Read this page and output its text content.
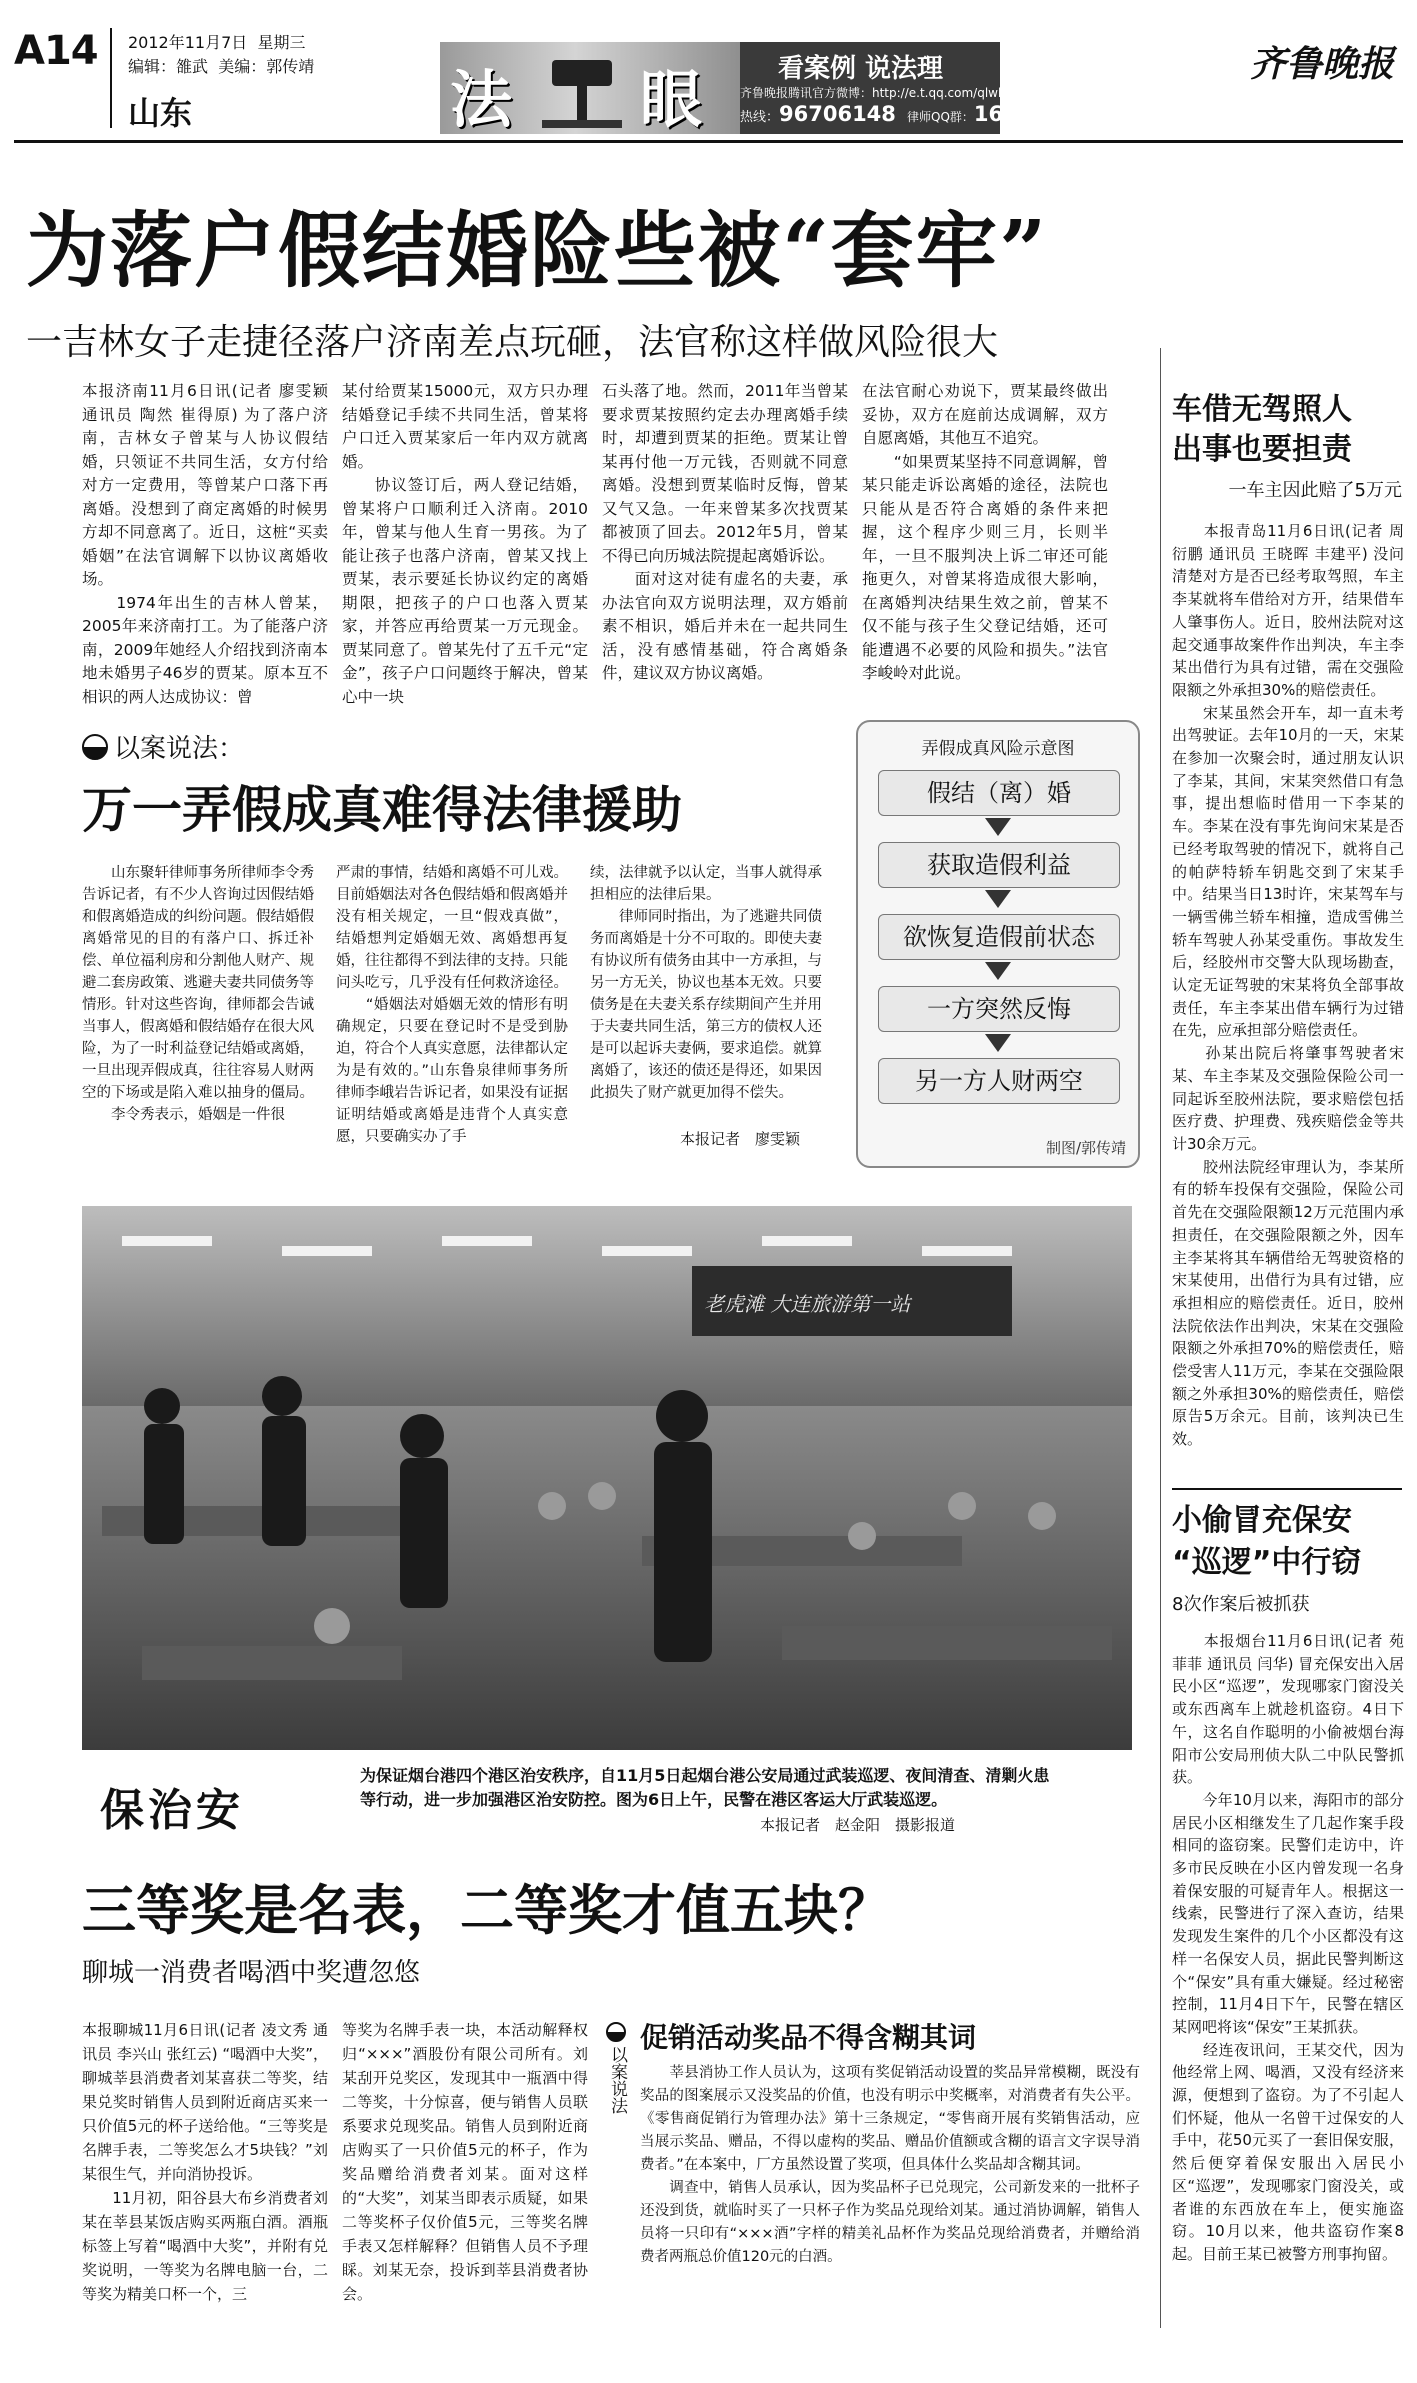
A14 2012年11月7日 星期三
编辑：雒武 美编：郭传靖
山东	法 眼	看案例 说法理
齐鲁晚报腾讯官方微博：http://e.t.qq.com/qlwbyw
热线：96706148 律师QQ群：167894432
齐鲁晚报
为落户假结婚险些被“套牢”
一吉林女子走捷径落户济南差点玩砸，法官称这样做风险很大
本报济南11月6日讯(记者 廖雯颖 通讯员 陶然 崔得原) 为了落户济南，吉林女子曾某与人协议假结婚，只领证不共同生活，女方付给对方一定费用，等曾某户口落下再离婚。没想到了商定离婚的时候男方却不同意离了。近日，这桩“买卖婚姻”在法官调解下以协议离婚收场。
　　1974年出生的吉林人曾某，2005年来济南打工。为了能落户济南，2009年她经人介绍找到济南本地未婚男子46岁的贾某。原本互不相识的两人达成协议：曾
某付给贾某15000元，双方只办理结婚登记手续不共同生活，曾某将户口迁入贾某家后一年内双方就离婚。
　　协议签订后，两人登记结婚，曾某将户口顺利迁入济南。2010年，曾某与他人生育一男孩。为了能让孩子也落户济南，曾某又找上贾某，表示要延长协议约定的离婚期限，把孩子的户口也落入贾某家，并答应再给贾某一万元现金。贾某同意了。曾某先付了五千元“定金”，孩子户口问题终于解决，曾某心中一块
石头落了地。然而，2011年当曾某要求贾某按照约定去办理离婚手续时，却遭到贾某的拒绝。贾某让曾某再付他一万元钱，否则就不同意离婚。没想到贾某临时反悔，曾某又气又急。一年来曾某多次找贾某都被顶了回去。2012年5月，曾某不得已向历城法院提起离婚诉讼。
　　面对这对徒有虚名的夫妻，承办法官向双方说明法理，双方婚前素不相识，婚后并未在一起共同生活，没有感情基础，符合离婚条件，建议双方协议离婚。
在法官耐心劝说下，贾某最终做出妥协，双方在庭前达成调解，双方自愿离婚，其他互不追究。
　　“如果贾某坚持不同意调解，曾某只能走诉讼离婚的途径，法院也只能从是否符合离婚的条件来把握，这个程序少则三月，长则半年，一旦不服判决上诉二审还可能拖更久，对曾某将造成很大影响，在离婚判决结果生效之前，曾某不仅不能与孩子生父登记结婚，还可能遭遇不必要的风险和损失。”法官李峻岭对此说。
以案说法：
万一弄假成真难得法律援助
　　山东聚轩律师事务所律师李令秀告诉记者，有不少人咨询过因假结婚和假离婚造成的纠纷问题。假结婚假离婚常见的目的有落户口、拆迁补偿、单位福利房和分割他人财产、规避二套房政策、逃避夫妻共同债务等情形。针对这些咨询，律师都会告诫当事人，假离婚和假结婚存在很大风险，为了一时利益登记结婚或离婚，一旦出现弄假成真，往往容易人财两空的下场或是陷入难以抽身的僵局。
　　李令秀表示，婚姻是一件很
严肃的事情，结婚和离婚不可儿戏。目前婚姻法对各色假结婚和假离婚并没有相关规定，一旦“假戏真做”，结婚想判定婚姻无效、离婚想再复婚，往往都得不到法律的支持。只能问头吃亏，几乎没有任何救济途径。
　　“婚姻法对婚姻无效的情形有明确规定，只要在登记时不是受到胁迫，符合个人真实意愿，法律都认定为是有效的。”山东鲁泉律师事务所律师李峨岩告诉记者，如果没有证据证明结婚或离婚是违背个人真实意愿，只要确实办了手
续，法律就予以认定，当事人就得承担相应的法律后果。
　　律师同时指出，为了逃避共同债务而离婚是十分不可取的。即使夫妻有协议所有债务由其中一方承担，与另一方无关，协议也基本无效。只要债务是在夫妻关系存续期间产生并用于夫妻共同生活，第三方的债权人还是可以起诉夫妻俩，要求追偿。就算离婚了，该还的债还是得还，如果因此损失了财产就更加得不偿失。
本报记者　廖雯颖
弄假成真风险示意图
假结（离）婚
获取造假利益
欲恢复造假前状态
一方突然反悔
另一方人财两空
制图/郭传靖
老虎滩 大连旅游第一站
保治安
为保证烟台港四个港区治安秩序，自11月5日起烟台港公安局通过武装巡逻、夜间清查、清剿火患等行动，进一步加强港区治安防控。图为6日上午，民警在港区客运大厅武装巡逻。
本报记者　赵金阳　摄影报道
三等奖是名表，二等奖才值五块？
聊城一消费者喝酒中奖遭忽悠
本报聊城11月6日讯(记者 凌文秀 通讯员 李兴山 张红云) “喝酒中大奖”，聊城莘县消费者刘某喜获二等奖，结果兑奖时销售人员到附近商店买来一只价值5元的杯子送给他。“三等奖是名牌手表，二等奖怎么才5块钱？”刘某很生气，并向消协投诉。
　　11月初，阳谷县大布乡消费者刘某在莘县某饭店购买两瓶白酒。酒瓶标签上写着“喝酒中大奖”，并附有兑奖说明，一等奖为名牌电脑一台，二等奖为精美口杯一个，三
等奖为名牌手表一块，本活动解释权归“×××”酒股份有限公司所有。刘某刮开兑奖区，发现其中一瓶酒中得二等奖，十分惊喜，便与销售人员联系要求兑现奖品。销售人员到附近商店购买了一只价值5元的杯子，作为奖品赠给消费者刘某。面对这样的“大奖”，刘某当即表示质疑，如果二等奖杯子仅价值5元，三等奖名牌手表又怎样解释？但销售人员不予理睬。刘某无奈，投诉到莘县消费者协会。
以案说法
促销活动奖品不得含糊其词
　　莘县消协工作人员认为，这项有奖促销活动设置的奖品异常模糊，既没有奖品的图案展示又没奖品的价值，也没有明示中奖概率，对消费者有失公平。《零售商促销行为管理办法》第十三条规定，“零售商开展有奖销售活动，应当展示奖品、赠品，不得以虚构的奖品、赠品价值额或含糊的语言文字误导消费者。”在本案中，厂方虽然设置了奖项，但具体什么奖品却含糊其词。
　　调查中，销售人员承认，因为奖品杯子已兑现完，公司新发来的一批杯子还没到货，就临时买了一只杯子作为奖品兑现给刘某。通过消协调解，销售人员将一只印有“×××酒”字样的精美礼品杯作为奖品兑现给消费者，并赠给消费者两瓶总价值120元的白酒。
车借无驾照人
出事也要担责
一车主因此赔了5万元
　　本报青岛11月6日讯(记者 周衍鹏 通讯员 王晓晖 丰建平) 没问清楚对方是否已经考取驾照，车主李某就将车借给对方开，结果借车人肇事伤人。近日，胶州法院对这起交通事故案件作出判决，车主李某出借行为具有过错，需在交强险限额之外承担30%的赔偿责任。
　　宋某虽然会开车，却一直未考出驾驶证。去年10月的一天，宋某在参加一次聚会时，通过朋友认识了李某，其间，宋某突然借口有急事，提出想临时借用一下李某的车。李某在没有事先询问宋某是否已经考取驾驶的情况下，就将自己的帕萨特轿车钥匙交到了宋某手中。结果当日13时许，宋某驾车与一辆雪佛兰轿车相撞，造成雪佛兰轿车驾驶人孙某受重伤。事故发生后，经胶州市交警大队现场勘查，认定无证驾驶的宋某将负全部事故责任，车主李某出借车辆行为过错在先，应承担部分赔偿责任。
　　孙某出院后将肇事驾驶者宋某、车主李某及交强险保险公司一同起诉至胶州法院，要求赔偿包括医疗费、护理费、残疾赔偿金等共计30余万元。
　　胶州法院经审理认为，李某所有的轿车投保有交强险，保险公司首先在交强险限额12万元范围内承担责任，在交强险限额之外，因车主李某将其车辆借给无驾驶资格的宋某使用，出借行为具有过错，应承担相应的赔偿责任。近日，胶州法院依法作出判决，宋某在交强险限额之外承担70%的赔偿责任，赔偿受害人11万元，李某在交强险限额之外承担30%的赔偿责任，赔偿原告5万余元。目前，该判决已生效。
小偷冒充保安
“巡逻”中行窃
8次作案后被抓获
　　本报烟台11月6日讯(记者 苑菲菲 通讯员 闫华) 冒充保安出入居民小区“巡逻”，发现哪家门窗没关或东西离车上就趁机盗窃。4日下午，这名自作聪明的小偷被烟台海阳市公安局刑侦大队二中队民警抓获。
　　今年10月以来，海阳市的部分居民小区相继发生了几起作案手段相同的盗窃案。民警们走访中，许多市民反映在小区内曾发现一名身着保安服的可疑青年人。根据这一线索，民警进行了深入查访，结果发现发生案件的几个小区都没有这样一名保安人员，据此民警判断这个“保安”具有重大嫌疑。经过秘密控制，11月4日下午，民警在辖区某网吧将该“保安”王某抓获。
　　经连夜讯问，王某交代，因为他经常上网、喝酒，又没有经济来源，便想到了盗窃。为了不引起人们怀疑，他从一名曾干过保安的人手中，花50元买了一套旧保安服，然后便穿着保安服出入居民小区“巡逻”，发现哪家门窗没关，或者谁的东西放在车上，便实施盗窃。10月以来，他共盗窃作案8起。目前王某已被警方刑事拘留。
